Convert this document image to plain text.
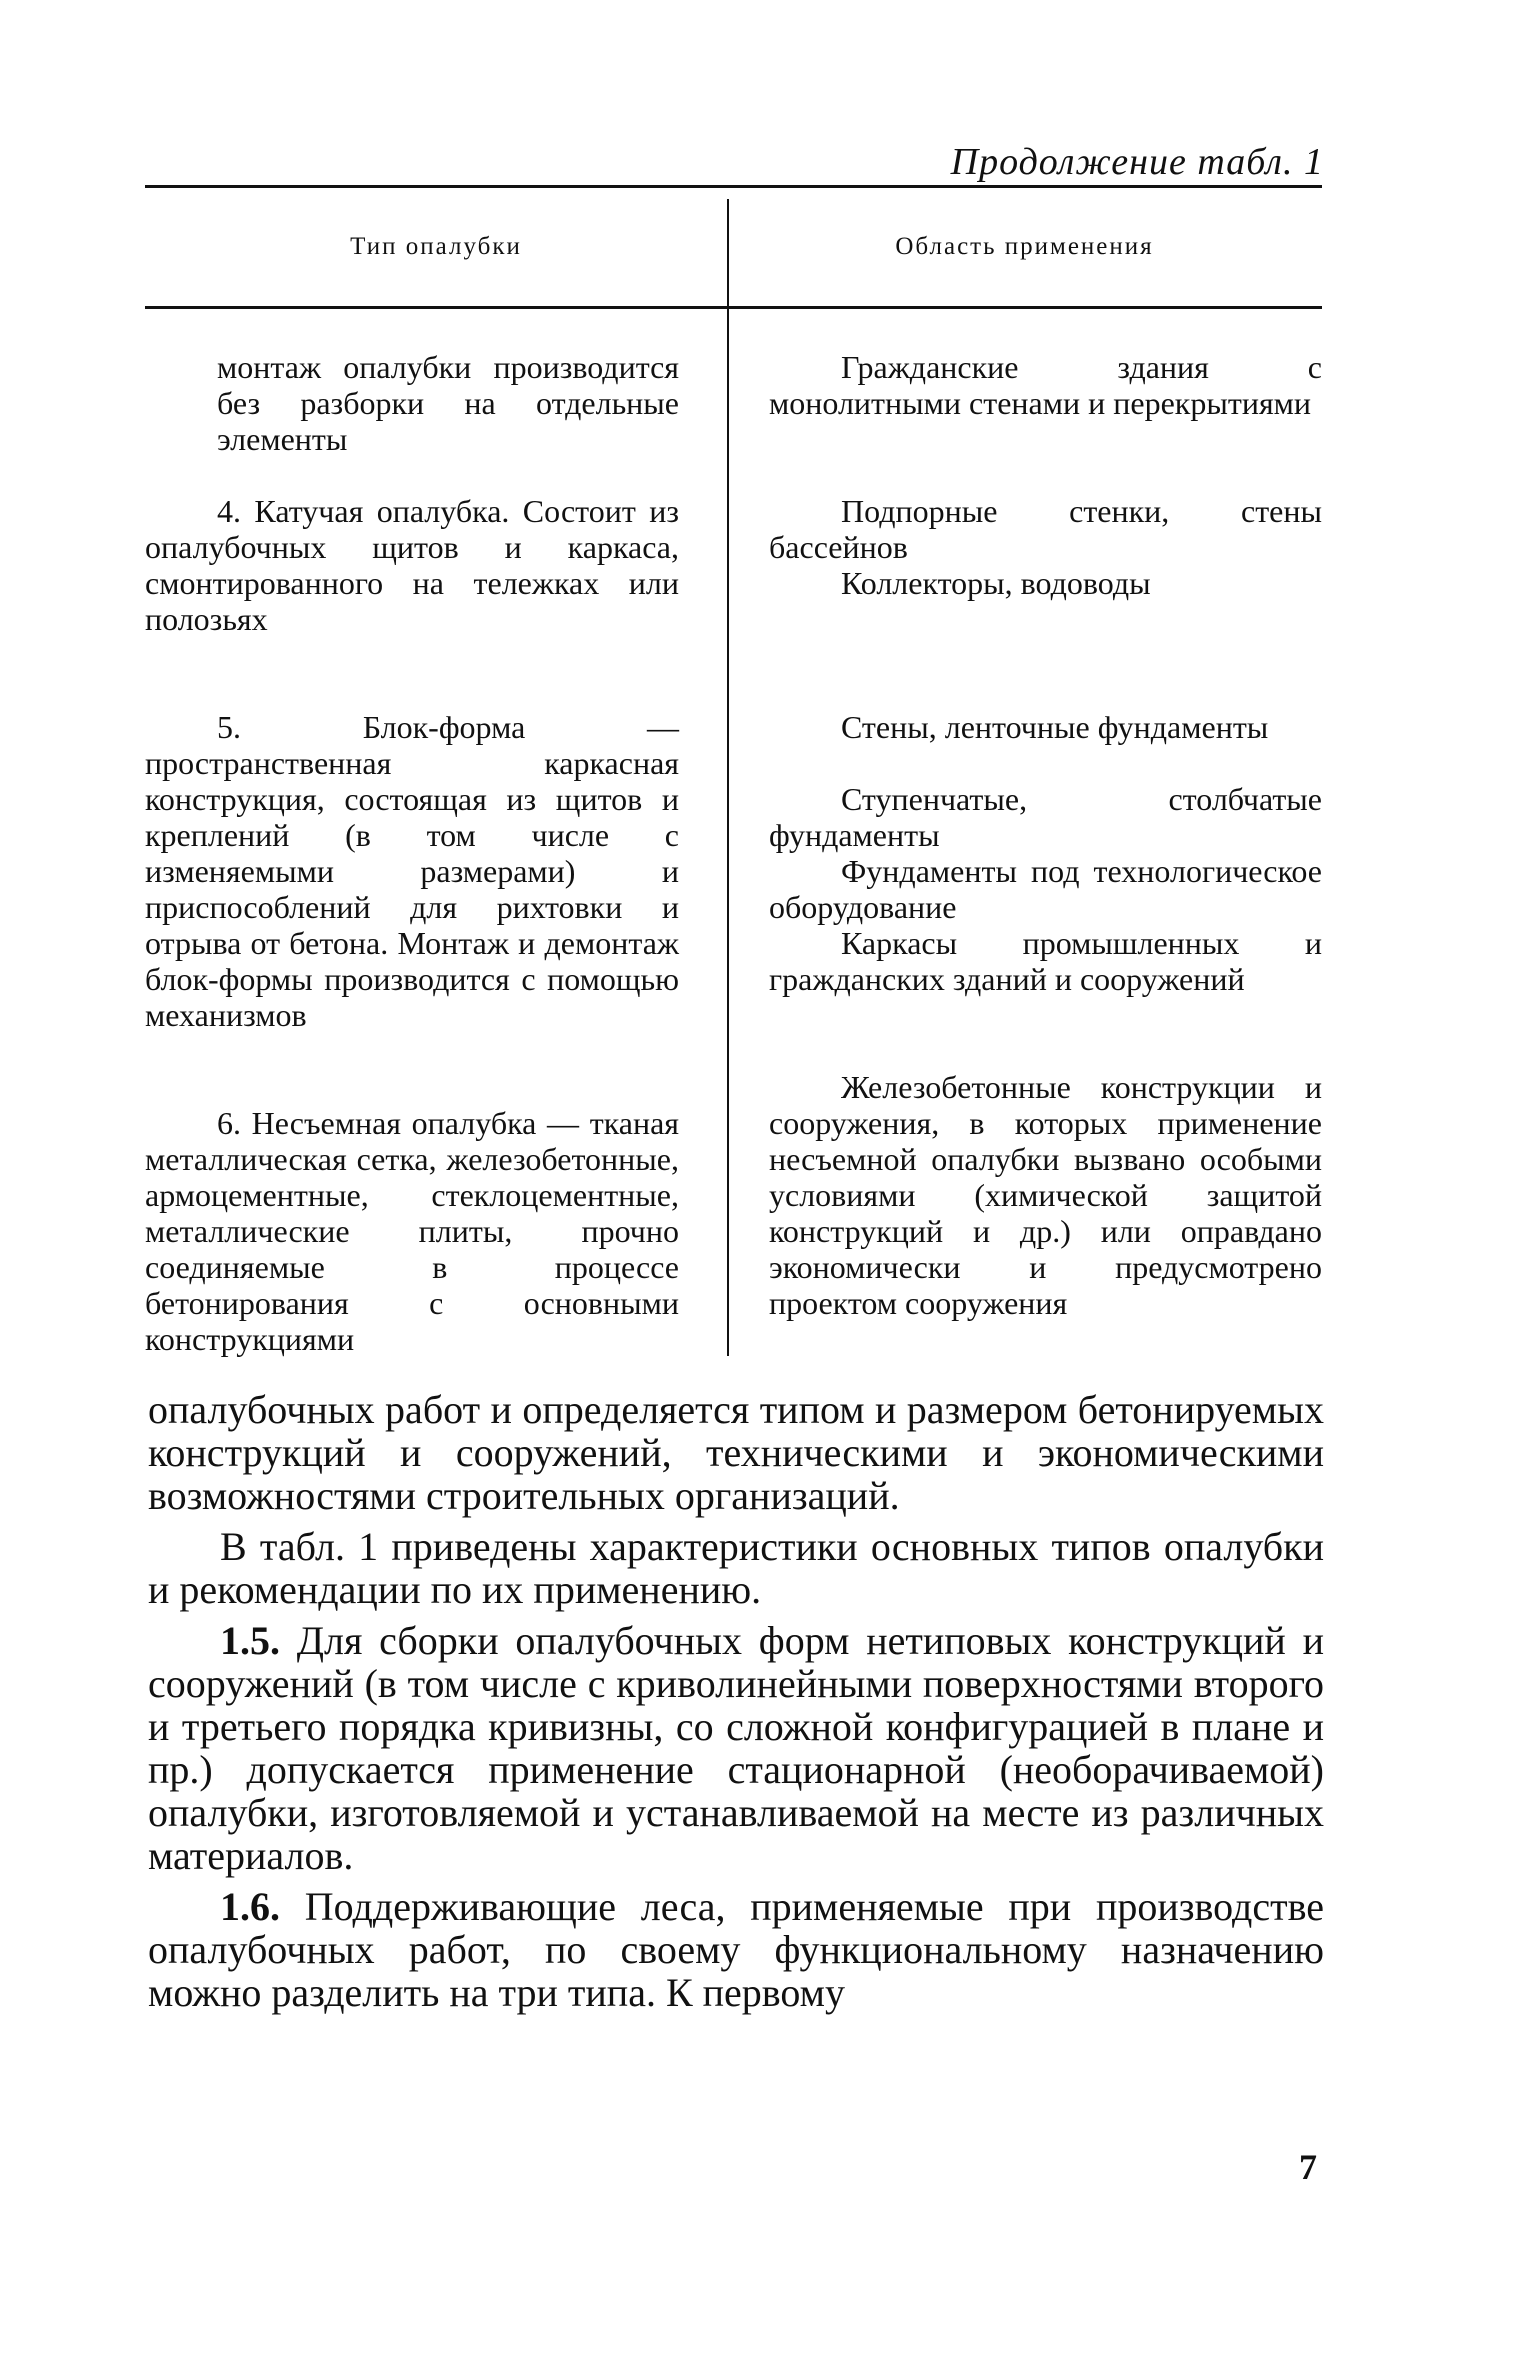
Продолжение табл. 1
Тип опалубки	Область применения

монтаж опалубки производится без разборки на отдельные элементы

4. Катучая опалубка. Состоит из опалубочных щитов и каркаса, смонтированного на тележках или полозьях

5. Блок-форма — пространственная каркасная конструкция, состоящая из щитов и креплений (в том числе с изменяемыми размерами) и приспособлений для рихтовки и отрыва от бетона. Монтаж и демонтаж блок-формы производится с помощью механизмов

6. Несъемная опалубка — тканая металлическая сетка, железобетонные, армоцементные, стеклоцементные, металлические плиты, прочно соединяемые в процессе бетонирования с основными конструкциями

Гражданские здания с монолитными стенами и перекрытиями

Подпорные стенки, стены бассейнов

Коллекторы, водоводы

Стены, ленточные фундаменты

Ступенчатые, столбчатые фундаменты

Фундаменты под технологическое оборудование

Каркасы промышленных и гражданских зданий и сооружений

Железобетонные конструкции и сооружения, в которых применение несъемной опалубки вызвано особыми условиями (химической защитой конструкций и др.) или оправдано экономически и предусмотрено проектом сооружения

опалубочных работ и определяется типом и размером бетонируемых конструкций и сооружений, техническими и экономическими возможностями строительных организаций.

В табл. 1 приведены характеристики основных типов опалубки и рекомендации по их применению.

1.5. Для сборки опалубочных форм нетиповых конструкций и сооружений (в том числе с криволинейными поверхностями второго и третьего порядка кривизны, со сложной конфигурацией в плане и пр.) допускается применение стационарной (необорачиваемой) опалубки, изготовляемой и устанавливаемой на месте из различных материалов.

1.6. Поддерживающие леса, применяемые при производстве опалубочных работ, по своему функциональному назначению можно разделить на три типа. К первому

7
